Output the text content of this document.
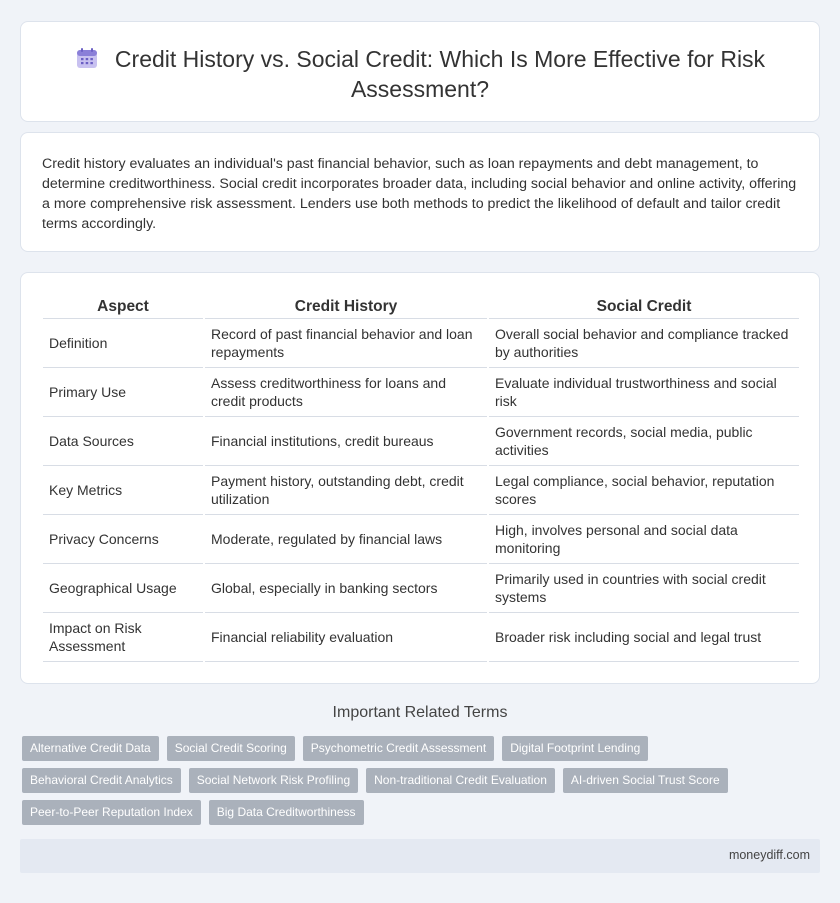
Credit History vs. Social Credit: Which Is More Effective for Risk Assessment?

Credit history evaluates an individual's past financial behavior, such as loan repayments and debt management, to determine creditworthiness. Social credit incorporates broader data, including social behavior and online activity, offering a more comprehensive risk assessment. Lenders use both methods to predict the likelihood of default and tailor credit terms accordingly.

Aspect	Credit History	Social Credit
Definition	Record of past financial behavior and loan repayments	Overall social behavior and compliance tracked by authorities
Primary Use	Assess creditworthiness for loans and credit products	Evaluate individual trustworthiness and social risk
Data Sources	Financial institutions, credit bureaus	Government records, social media, public activities
Key Metrics	Payment history, outstanding debt, credit utilization	Legal compliance, social behavior, reputation scores
Privacy Concerns	Moderate, regulated by financial laws	High, involves personal and social data monitoring
Geographical Usage	Global, especially in banking sectors	Primarily used in countries with social credit systems
Impact on Risk Assessment	Financial reliability evaluation	Broader risk including social and legal trust
Important Related Terms
Alternative Credit Data	Social Credit Scoring	Psychometric Credit Assessment	Digital Footprint Lending
Behavioral Credit Analytics	Social Network Risk Profiling	Non-traditional Credit Evaluation	AI-driven Social Trust Score
Peer-to-Peer Reputation Index	Big Data Creditworthiness
moneydiff.com
